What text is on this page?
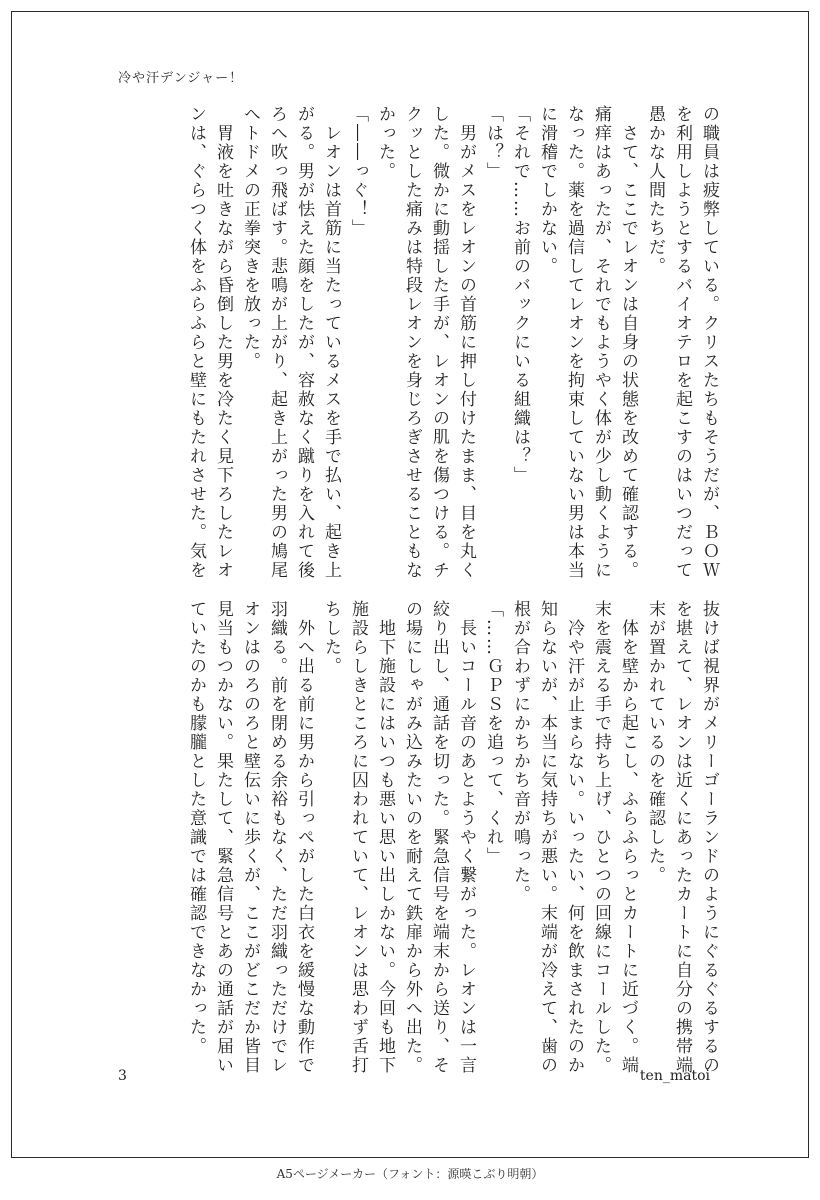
冷や汗デンジャー！

の職員は疲弊している。クリスたちもそうだが、ＢＯＷ

を利用しようとするバイオテロを起こすのはいつだって

愚かな人間たちだ。

　さて、ここでレオンは自身の状態を改めて確認する。

痛痒はあったが、それでもようやく体が少し動くように

なった。薬を過信してレオンを拘束していない男は本当

に滑稽でしかない。

「それで……お前のバックにいる組織は？」

「は？」

　男がメスをレオンの首筋に押し付けたまま、目を丸く

した。微かに動揺した手が、レオンの肌を傷つける。チ

クッとした痛みは特段レオンを身じろぎさせることもな

かった。

「――っぐ！」

　レオンは首筋に当たっているメスを手で払い、起き上

がる。男が怯えた顔をしたが、容赦なく蹴りを入れて後

ろへ吹っ飛ばす。悲鳴が上がり、起き上がった男の鳩尾

へトドメの正拳突きを放った。

　胃液を吐きながら昏倒した男を冷たく見下ろしたレオ

ンは、ぐらつく体をふらふらと壁にもたれさせた。気を

抜けば視界がメリーゴーランドのようにぐるぐるするの

を堪えて、レオンは近くにあったカートに自分の携帯端

末が置かれているのを確認した。

　体を壁から起こし、ふらふらっとカートに近づく。端

末を震える手で持ち上げ、ひとつの回線にコールした。

　冷や汗が止まらない。いったい、何を飲まされたのか

知らないが、本当に気持ちが悪い。末端が冷えて、歯の

根が合わずにかちかち音が鳴った。

「……ＧＰＳを追って、くれ」

　長いコール音のあとようやく繋がった。レオンは一言

絞り出し、通話を切った。緊急信号を端末から送り、そ

の場にしゃがみ込みたいのを耐えて鉄扉から外へ出た。

　地下施設にはいつも悪い思い出しかない。今回も地下

施設らしきところに囚われていて、レオンは思わず舌打

ちした。

　外へ出る前に男から引っぺがした白衣を緩慢な動作で

羽織る。前を閉める余裕もなく、ただ羽織っただけでレ

オンはのろのろと壁伝いに歩くが、ここがどこだか皆目

見当もつかない。果たして、緊急信号とあの通話が届い

ていたのかも朦朧とした意識では確認できなかった。

3	ten_matoi
A5ページメーカー（フォント：源暎こぶり明朝）
